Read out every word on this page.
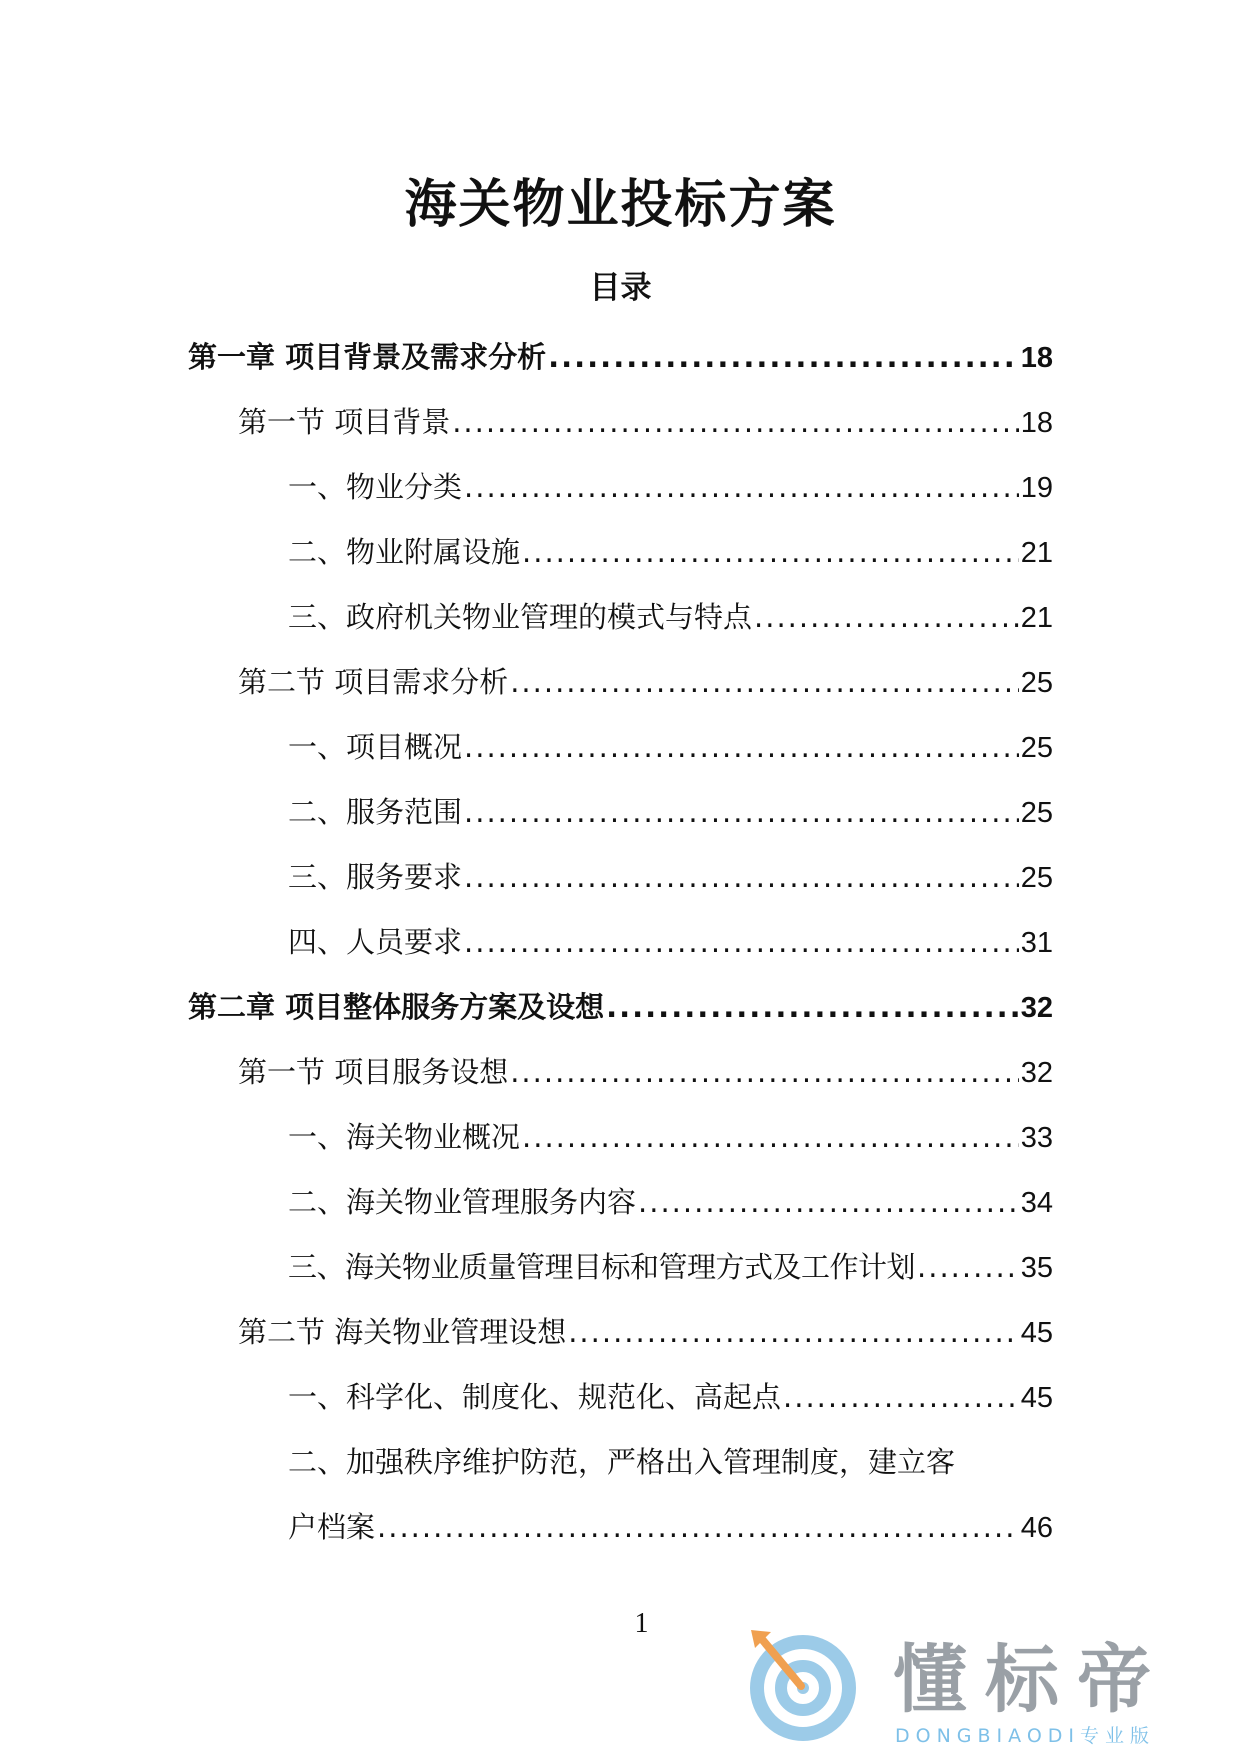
海关物业投标方案
目录
第一章 项目背景及需求分析 .....	18
第一节 项目背景 .....	18
一、物业分类 .....	19
二、物业附属设施 .....	21
三、政府机关物业管理的模式与特点 .....	21
第二节 项目需求分析 .....	25
一、项目概况 .....	25
二、服务范围 .....	25
三、服务要求 .....	25
四、人员要求 .....	31
第二章 项目整体服务方案及设想 .....	32
第一节 项目服务设想 .....	32
一、海关物业概况 .....	33
二、海关物业管理服务内容 .....	34
三、海关物业质量管理目标和管理方式及工作计划 .....	35
第二节 海关物业管理设想 .....	45
一、科学化、制度化、规范化、高起点 .....	45
二、加强秩序维护防范，严格出入管理制度，建立客
户档案 .....	46
1
懂标帝
DONGBIAODI专业版
